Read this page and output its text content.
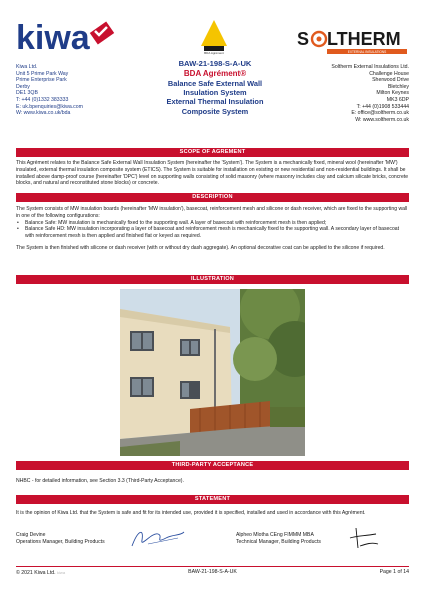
kiwa	BDA Agrément
S LTHERM
EXTERNAL INSULATIONS
Kiwa Ltd.
Unit 5 Prime Park Way
Prime Enterprise Park
Derby
DE1 3QB
T: +44 (0)1332 383333
E: uk.bpenquiries@kiwa.com
W: www.kiwa.co.uk/bda
BAW-21-198-S-A-UK
BDA Agrément®
Balance Safe External Wall
Insulation System
External Thermal Insulation
Composite System
Soltherm External Insulations Ltd.
Challenge House
Sherwood Drive
Bletchley
Milton Keynes
MK3 6DP
T: +44 (0)1908 533444
E: office@soltherm.co.uk
W: www.soltherm.co.uk
SCOPE OF AGREMENT
This Agrément relates to the Balance Safe External Wall Insulation System (hereinafter the 'System'). The System is a mechanically fixed, mineral wool (hereinafter 'MW') insulated, external thermal insulation composite system (ETICS). The System is suitable for installation on existing or new residential and non-residential buildings. It shall be installed above damp-proof course (hereinafter 'DPC') level on supporting walls consisting of solid masonry (where masonry includes clay and calcium silicate bricks, concrete blocks, and natural and reconstituted stone blocks) or concrete.
DESCRIPTION
The System consists of MW insulation boards (hereinafter 'MW insulation'), basecoat, reinforcement mesh and silicone or dash receiver, which are fixed to the supporting wall in one of the following configurations:
• Balance Safe: MW insulation is mechanically fixed to the supporting wall. A layer of basecoat with reinforcement mesh is then applied;
• Balance Safe HD: MW insulation incorporating a layer of basecoat and reinforcement mesh is mechanically fixed to the supporting wall. A secondary layer of basecoat with reinforcement mesh is then applied and finished flat or keyed as required.
The System is then finished with silicone or dash receiver (with or without dry dash aggregate). An optional decorative coat can be applied to the silicone if required.
ILLUSTRATION
THIRD-PARTY ACCEPTANCE
NHBC - for detailed information, see Section 3.3 (Third-Party Acceptance).
STATEMENT
It is the opinion of Kiwa Ltd. that the System is safe and fit for its intended use, provided it is specified, installed and used in accordance with this Agrément.
Craig Devine
Operations Manager, Building Products
Alpheo Mlotha CEng FIMMM MBA
Technical Manager, Building Products
© 2021 Kiwa Ltd. kiwa	BAW-21-198-S-A-UK	Page 1 of 14
